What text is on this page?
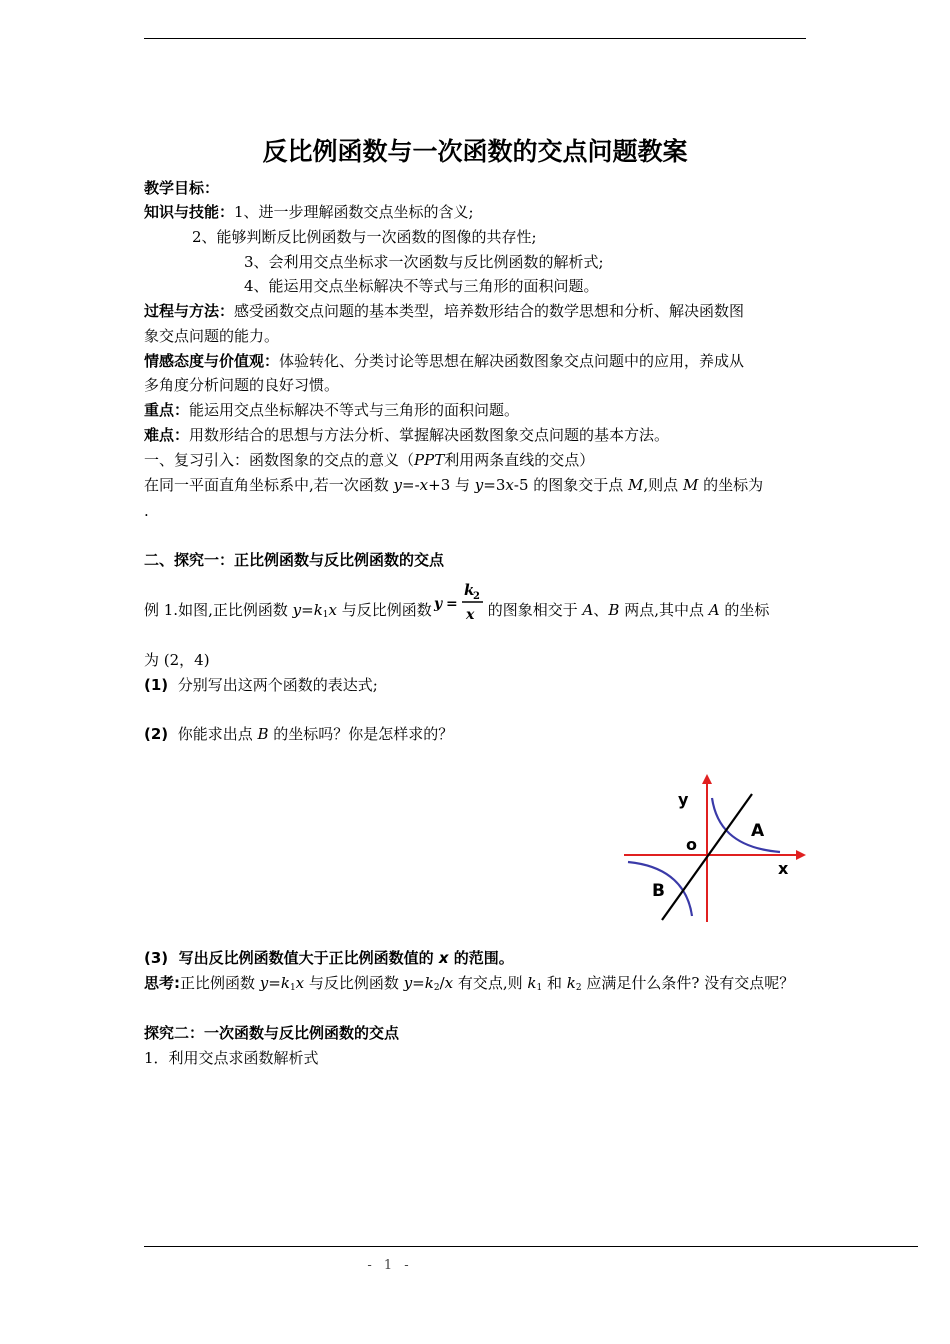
反比例函数与一次函数的交点问题教案
教学目标：
知识与技能：1、进一步理解函数交点坐标的含义;
2、能够判断反比例函数与一次函数的图像的共存性;
3、会利用交点坐标求一次函数与反比例函数的解析式;
4、能运用交点坐标解决不等式与三角形的面积问题。
过程与方法：感受函数交点问题的基本类型，培养数形结合的数学思想和分析、解决函数图
象交点问题的能力。
情感态度与价值观：体验转化、分类讨论等思想在解决函数图象交点问题中的应用，养成从
多角度分析问题的良好习惯。
重点：能运用交点坐标解决不等式与三角形的面积问题。
难点：用数形结合的思想与方法分析、掌握解决函数图象交点问题的基本方法。
一、复习引入：函数图象的交点的意义（PPT利用两条直线的交点）
在同一平面直角坐标系中,若一次函数 y=-x+3 与 y=3x-5 的图象交于点 M,则点 M 的坐标为
.
二、探究一：正比例函数与反比例函数的交点
例 1.如图,正比例函数 $y=k_1x$ 与反比例函数 y =
k
2
x 的图象相交于 A、B 两点,其中点 A 的坐标
为 (2，4)
(1) 分别写出这两个函数的表达式;
(2) 你能求出点 B 的坐标吗？你是怎样求的？
y
o
x
A
B
(3) 写出反比例函数值大于正比例函数值的 x 的范围。
思考:正比例函数 $y=k_1x$ 与反比例函数 $y=k_2/x$ 有交点,则 $k_1$ 和 $k_2$ 应满足什么条件? 没有交点呢？
探究二：一次函数与反比例函数的交点
1．利用交点求函数解析式
- 1 -
